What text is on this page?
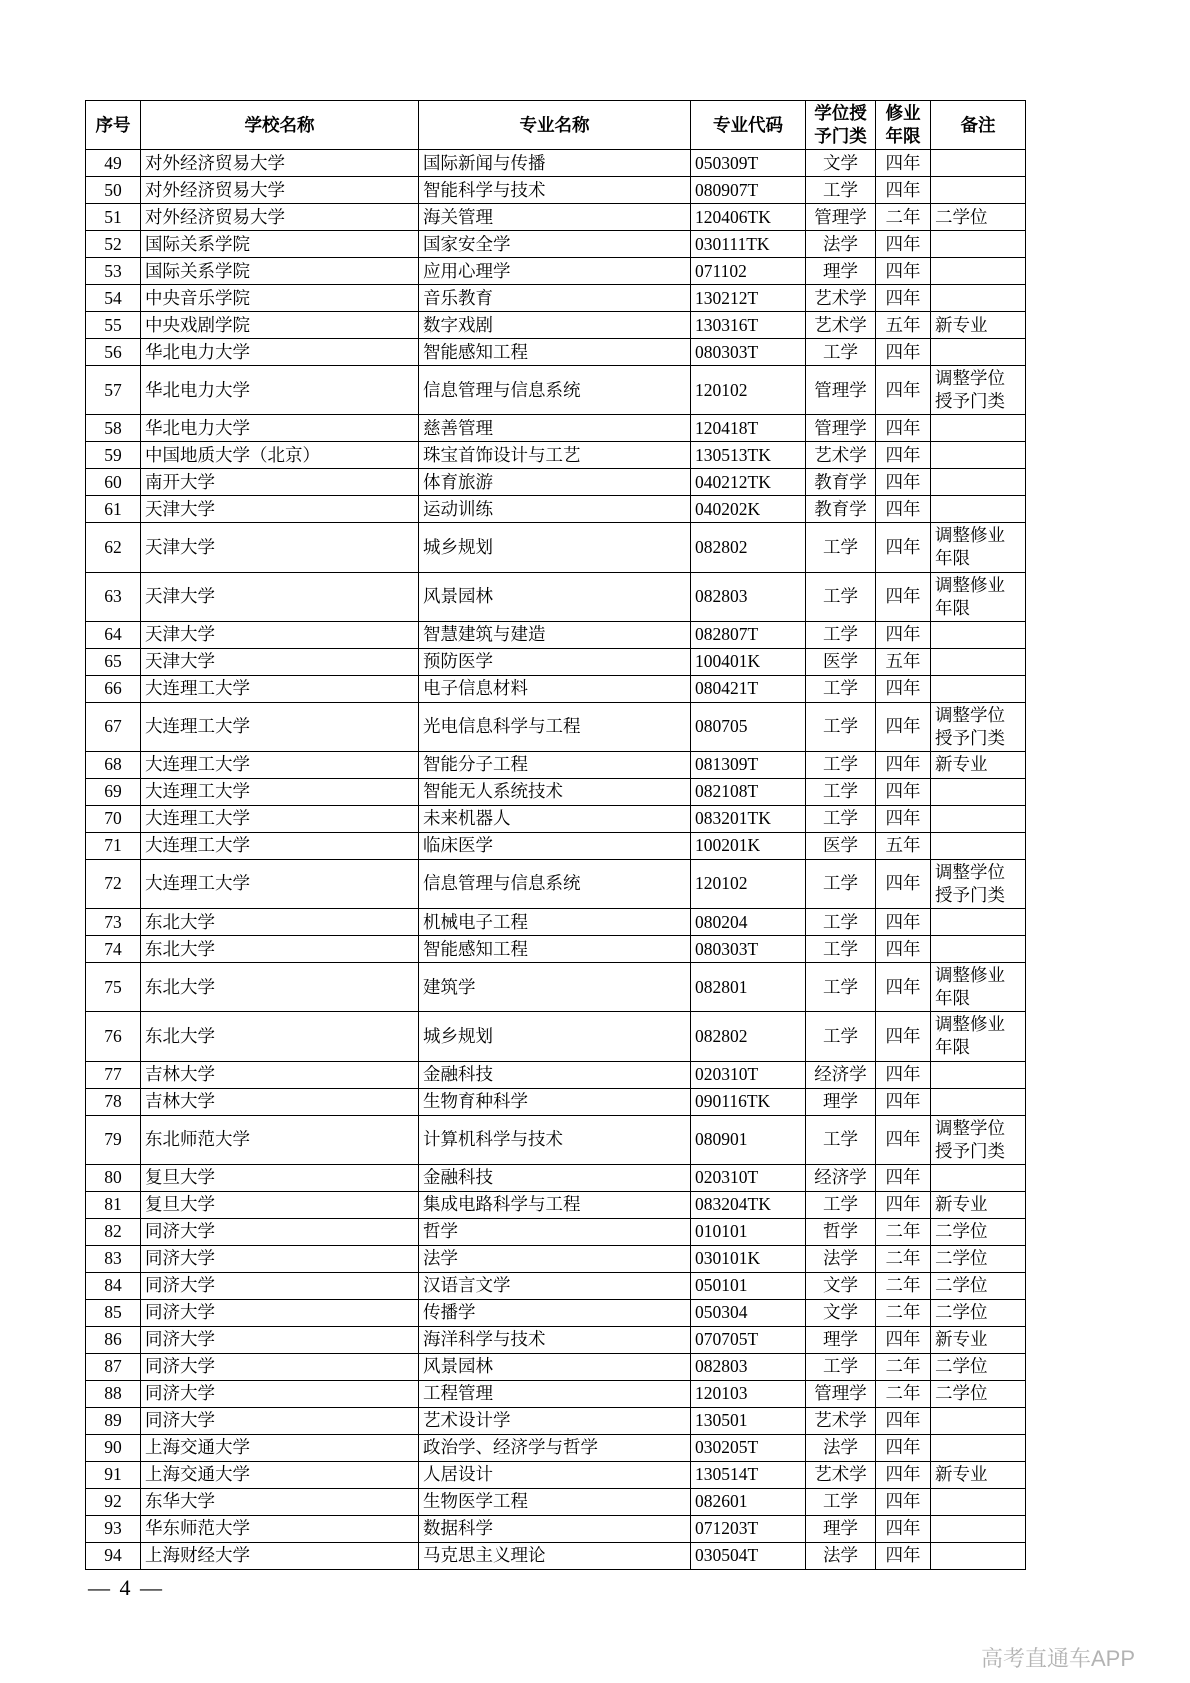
序号	学校名称	专业名称	专业代码	学位授予门类	修业年限	备注
49	对外经济贸易大学	国际新闻与传播	050309T	文学	四年	
50	对外经济贸易大学	智能科学与技术	080907T	工学	四年	
51	对外经济贸易大学	海关管理	120406TK	管理学	二年	二学位
52	国际关系学院	国家安全学	030111TK	法学	四年	
53	国际关系学院	应用心理学	071102	理学	四年	
54	中央音乐学院	音乐教育	130212T	艺术学	四年	
55	中央戏剧学院	数字戏剧	130316T	艺术学	五年	新专业
56	华北电力大学	智能感知工程	080303T	工学	四年	
57	华北电力大学	信息管理与信息系统	120102	管理学	四年	调整学位授予门类
58	华北电力大学	慈善管理	120418T	管理学	四年	
59	中国地质大学（北京）	珠宝首饰设计与工艺	130513TK	艺术学	四年	
60	南开大学	体育旅游	040212TK	教育学	四年	
61	天津大学	运动训练	040202K	教育学	四年	
62	天津大学	城乡规划	082802	工学	四年	调整修业年限
63	天津大学	风景园林	082803	工学	四年	调整修业年限
64	天津大学	智慧建筑与建造	082807T	工学	四年	
65	天津大学	预防医学	100401K	医学	五年	
66	大连理工大学	电子信息材料	080421T	工学	四年	
67	大连理工大学	光电信息科学与工程	080705	工学	四年	调整学位授予门类
68	大连理工大学	智能分子工程	081309T	工学	四年	新专业
69	大连理工大学	智能无人系统技术	082108T	工学	四年	
70	大连理工大学	未来机器人	083201TK	工学	四年	
71	大连理工大学	临床医学	100201K	医学	五年	
72	大连理工大学	信息管理与信息系统	120102	工学	四年	调整学位授予门类
73	东北大学	机械电子工程	080204	工学	四年	
74	东北大学	智能感知工程	080303T	工学	四年	
75	东北大学	建筑学	082801	工学	四年	调整修业年限
76	东北大学	城乡规划	082802	工学	四年	调整修业年限
77	吉林大学	金融科技	020310T	经济学	四年	
78	吉林大学	生物育种科学	090116TK	理学	四年	
79	东北师范大学	计算机科学与技术	080901	工学	四年	调整学位授予门类
80	复旦大学	金融科技	020310T	经济学	四年	
81	复旦大学	集成电路科学与工程	083204TK	工学	四年	新专业
82	同济大学	哲学	010101	哲学	二年	二学位
83	同济大学	法学	030101K	法学	二年	二学位
84	同济大学	汉语言文学	050101	文学	二年	二学位
85	同济大学	传播学	050304	文学	二年	二学位
86	同济大学	海洋科学与技术	070705T	理学	四年	新专业
87	同济大学	风景园林	082803	工学	二年	二学位
88	同济大学	工程管理	120103	管理学	二年	二学位
89	同济大学	艺术设计学	130501	艺术学	四年	
90	上海交通大学	政治学、经济学与哲学	030205T	法学	四年	
91	上海交通大学	人居设计	130514T	艺术学	四年	新专业
92	东华大学	生物医学工程	082601	工学	四年	
93	华东师范大学	数据科学	071203T	理学	四年	
94	上海财经大学	马克思主义理论	030504T	法学	四年	
— 4 —
高考直通车APP
